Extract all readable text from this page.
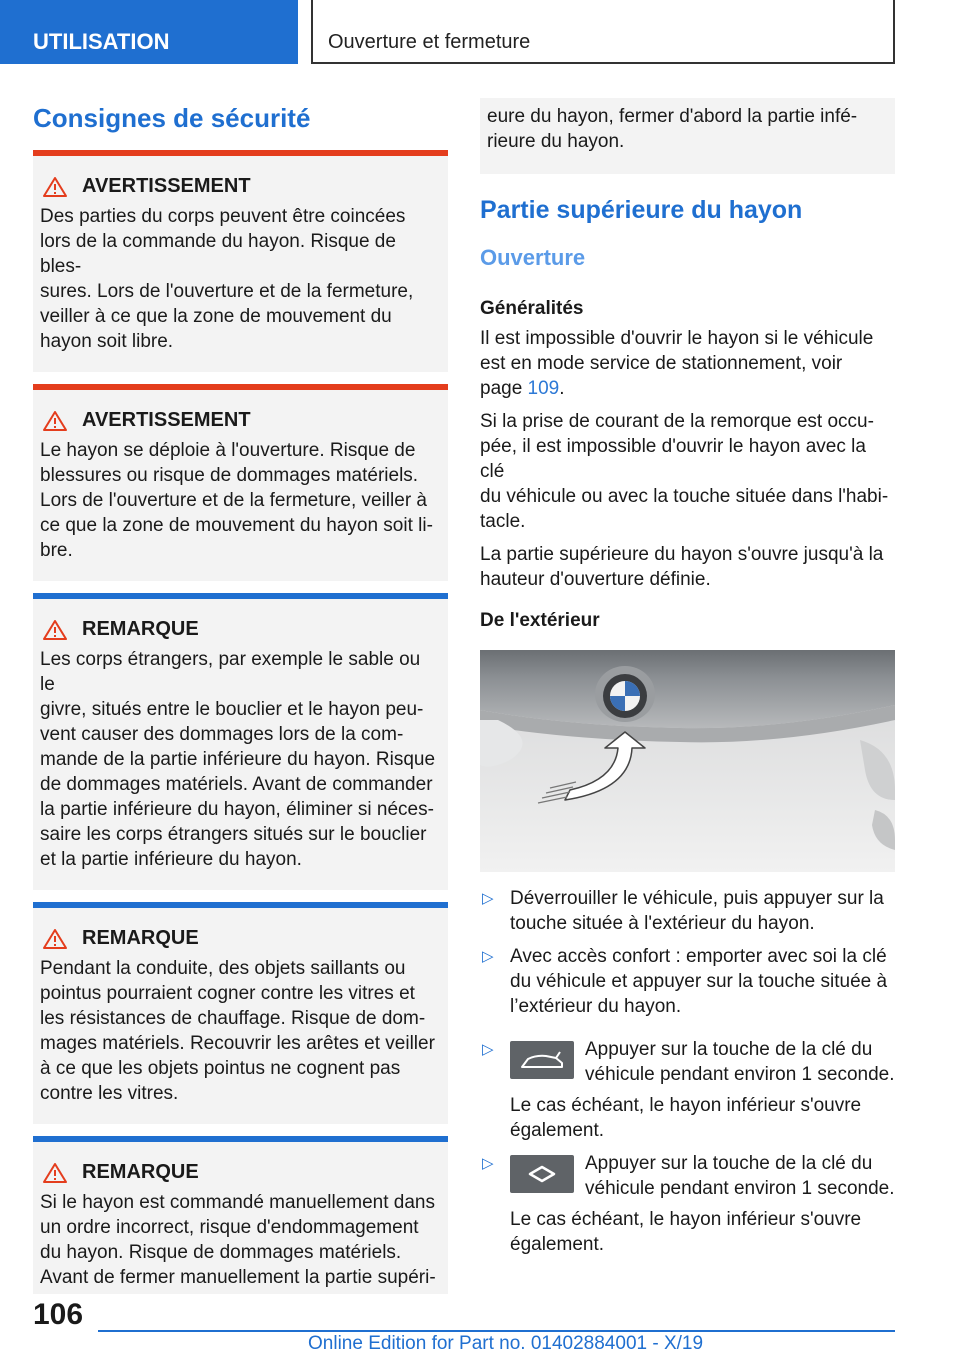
UTILISATION	Ouverture et fermeture
Consignes de sécurité
AVERTISSEMENT
Des parties du corps peuvent être coincées
lors de la commande du hayon. Risque de bles-
sures. Lors de l'ouverture et de la fermeture,
veiller à ce que la zone de mouvement du
hayon soit libre.
AVERTISSEMENT
Le hayon se déploie à l'ouverture. Risque de
blessures ou risque de dommages matériels.
Lors de l'ouverture et de la fermeture, veiller à
ce que la zone de mouvement du hayon soit li-
bre.
REMARQUE
Les corps étrangers, par exemple le sable ou le
givre, situés entre le bouclier et le hayon peu-
vent causer des dommages lors de la com-
mande de la partie inférieure du hayon. Risque
de dommages matériels. Avant de commander
la partie inférieure du hayon, éliminer si néces-
saire les corps étrangers situés sur le bouclier
et la partie inférieure du hayon.
REMARQUE
Pendant la conduite, des objets saillants ou
pointus pourraient cogner contre les vitres et
les résistances de chauffage. Risque de dom-
mages matériels. Recouvrir les arêtes et veiller
à ce que les objets pointus ne cognent pas
contre les vitres.
REMARQUE
Si le hayon est commandé manuellement dans
un ordre incorrect, risque d'endommagement
du hayon. Risque de dommages matériels.
Avant de fermer manuellement la partie supéri-
eure du hayon, fermer d'abord la partie infé-
rieure du hayon.
Partie supérieure du hayon
Ouverture
Généralités

Il est impossible d'ouvrir le hayon si le véhicule
est en mode service de stationnement, voir
page 109.

Si la prise de courant de la remorque est occu-
pée, il est impossible d'ouvrir le hayon avec la clé
du véhicule ou avec la touche située dans l'habi-
tacle.

La partie supérieure du hayon s'ouvre jusqu'à la
hauteur d'ouverture définie.

De l'extérieur
▷ Déverrouiller le véhicule, puis appuyer sur la
touche située à l'extérieur du hayon.
▷ Avec accès confort : emporter avec soi la clé
du véhicule et appuyer sur la touche située à
l’extérieur du hayon.
▷	Appuyer sur la touche de la clé du
véhicule pendant environ 1 seconde.
Le cas échéant, le hayon inférieur s'ouvre
également.
▷	Appuyer sur la touche de la clé du
véhicule pendant environ 1 seconde.
Le cas échéant, le hayon inférieur s'ouvre
également.
106
Online Edition for Part no. 01402884001 - X/19
